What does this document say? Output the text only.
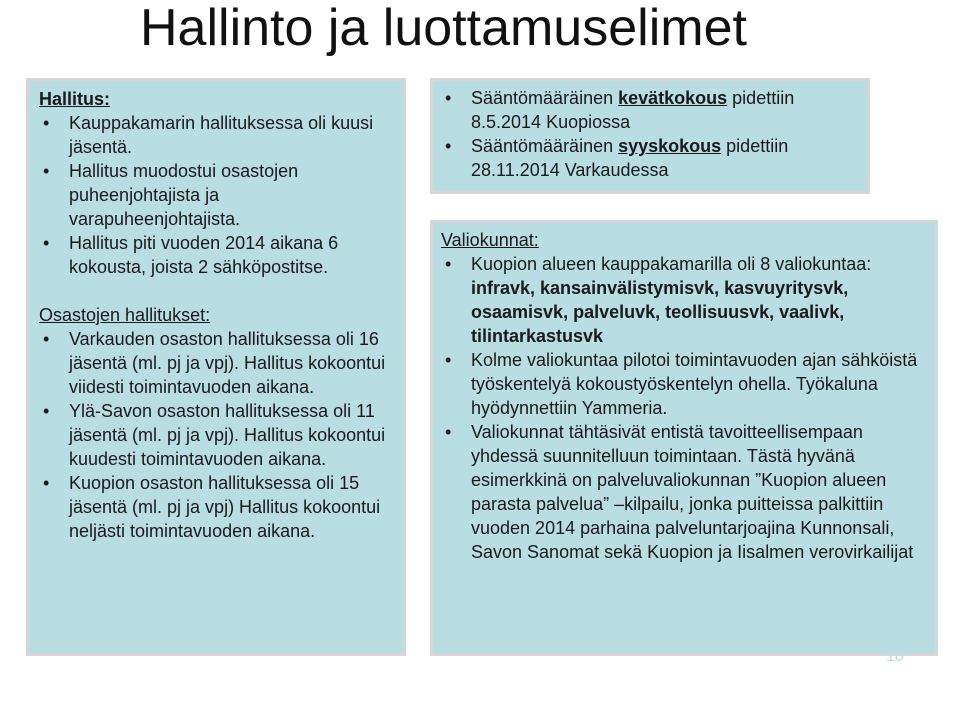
Hallinto ja luottamuselimet
Hallitus:
• Kauppakamarin hallituksessa oli kuusi jäsentä.
• Hallitus muodostui osastojen puheenjohtajista ja varapuheenjohtajista.
• Hallitus piti vuoden 2014 aikana 6 kokousta, joista 2 sähköpostitse.
Osastojen hallitukset:
• Varkauden osaston hallituksessa oli 16 jäsentä (ml. pj ja vpj). Hallitus kokoontui viidesti toimintavuoden aikana.
• Ylä-Savon osaston hallituksessa oli 11 jäsentä (ml. pj ja vpj). Hallitus kokoontui kuudesti toimintavuoden aikana.
• Kuopion osaston hallituksessa oli 15 jäsentä (ml. pj ja vpj) Hallitus kokoontui neljästi toimintavuoden aikana.
• Sääntömääräinen kevätkokous pidettiin 8.5.2014 Kuopiossa
• Sääntömääräinen syyskokous pidettiin 28.11.2014 Varkaudessa
Valiokunnat:
• Kuopion alueen kauppakamarilla oli 8 valiokuntaa: infravk, kansainvälistymisvk, kasvuyritysvk, osaamisvk, palveluvk, teollisuusvk, vaalivk, tilintarkastusvk
• Kolme valiokuntaa pilotoi toimintavuoden ajan sähköistä työskentelyä kokoustyöskentelyn ohella. Työkaluna hyödynnettiin Yammeria.
• Valiokunnat tähtäsivät entistä tavoitteellisempaan yhdessä suunnitelluun toimintaan. Tästä hyvänä esimerkkinä on palveluvaliokunnan ”Kuopion alueen parasta palvelua” –kilpailu, jonka puitteissa palkittiin vuoden 2014 parhaina palveluntarjoajina Kunnonsali, Savon Sanomat sekä Kuopion ja Iisalmen verovirkailijat
10
